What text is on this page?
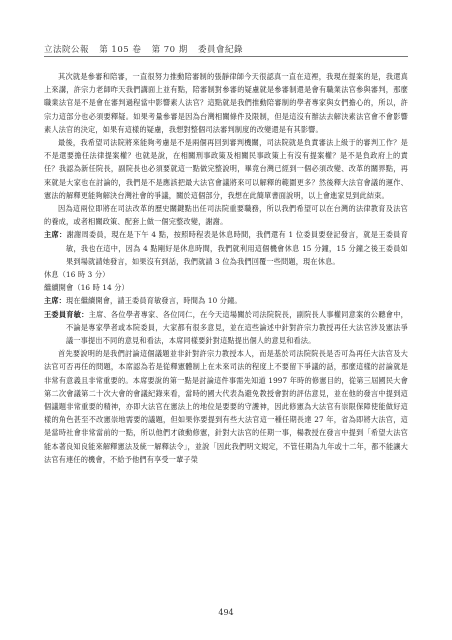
立法院公報 第 105 卷 第 70 期 委員會紀錄

其次就是參審和陪審，一直很努力推動陪審制的張靜律師今天很認真一直在這裡，我現在提案的是，我還真上來講，許宗力老師昨天我們講面上並有點，陪審制對參審的疑慮就是參審制還是會有職業法官參與審判，那麼職業法官是不是會在審判過程當中影響素人法官？這點就是我們推動陪審制的學者專家與女們擔心的，所以，許宗力這部分也必須要釋疑。如果考量參審是因為台灣相關條件及限制，但是這沒有辦法去解決素法官會不會影響素人法官的決定，如果有這樣的疑慮，我想對整個司法審判制度的改變還是有其影響。

最後，我希望司法院將來能夠考慮是不是兩個再回到審判機關，司法院就是負責審法上級于的審判工作？是不是還要擔任法律提案權？也就是說，在相關刑事政策及相關民事政策上有沒有提案權？是不是負政府上的責任？我認為新任院長，副院長也必須要就這一點做完整說明，畢竟台灣已經到一個必須改變、改革的關界點，再來就是大家也在討論的，我們是不是應該把最大法官會議將來可以解釋的範圍更多？然後釋大法官會議的運作、憲法的解釋更能夠解決台灣社會的爭議，關於這個部分，我想在此簡單書面說明，以上會進家見到此結束。

因為這兩位即將在司法改革的歷史關鍵點出任司法院重要職務，所以我們希望可以在台灣的法律教育及法官的養成，或者相關政策、配套上做一個完整改變，謝謝。

主席：謝謝周委員，現在是下午 4 點，按照時程表是休息時間，我們還有 1 位委員要登記發言，就是王委員育敏，我也在這中，因為 4 點剛好是休息時間，我們就利用這個機會休息 15 分鐘，15 分鐘之後王委員如果到場就請她發言，如果沒有到話，我們就請 3 位為我們回覆一些問題，現在休息。

休息（16 時 3 分）

繼續開會（16 時 14 分）

主席：現在繼續開會，請王委員育敏發言，時間為 10 分鐘。

王委員育敏：主席、各位學者專家、各位同仁，在今天這場關於司法院院長，副院長人事權同意案的公聽會中，不論是專家學者或本院委員，大家都有很多意見，並在這些論述中針對許宗力教授再任大法官涉及憲法爭議一事提出不同的意見和看法，本席同樣要針對這點提出個人的意見和看法。

首先要說明的是我們討論這個議題並非針對許宗力教授本人，而是基於司法院院長是否可為再任大法官及大法官可否再任的問題，本席認為若是從釋憲體制上在未來司法的程度上不要留下爭議的話，那麼這樣的討論就是非常有意義且非常重要的。本席要說的第一點是討論這件事需先知道 1997 年時的修憲目的，從第三屆國民大會第二次會議第二十次大會的會議紀錄來看，當時的國大代表為避免教授會對的評估意見，並在他的發言中提到這個議題非常重要的精神，亦即大法官在憲法上的地位是要要的守護神，因此修憲為大法官有崇限保障使能做好這樣的角色甚至不改憲崇地需要的議題，但如果你要提到有些大法官這一種任期長達 27 年，省為即將大法官，這是當時社會非常當前的一點，所以他們才啟動修憲，針對大法官的任期一事，楊教授在發言中提到「希望大法官能本著良知良能來解釋憲法及統一解釋法令」，並說「因此我們明文規定，不管任期為九年或十二年，都不能讓大法官有連任的機會，不給予他們有享受一輩子榮

494
